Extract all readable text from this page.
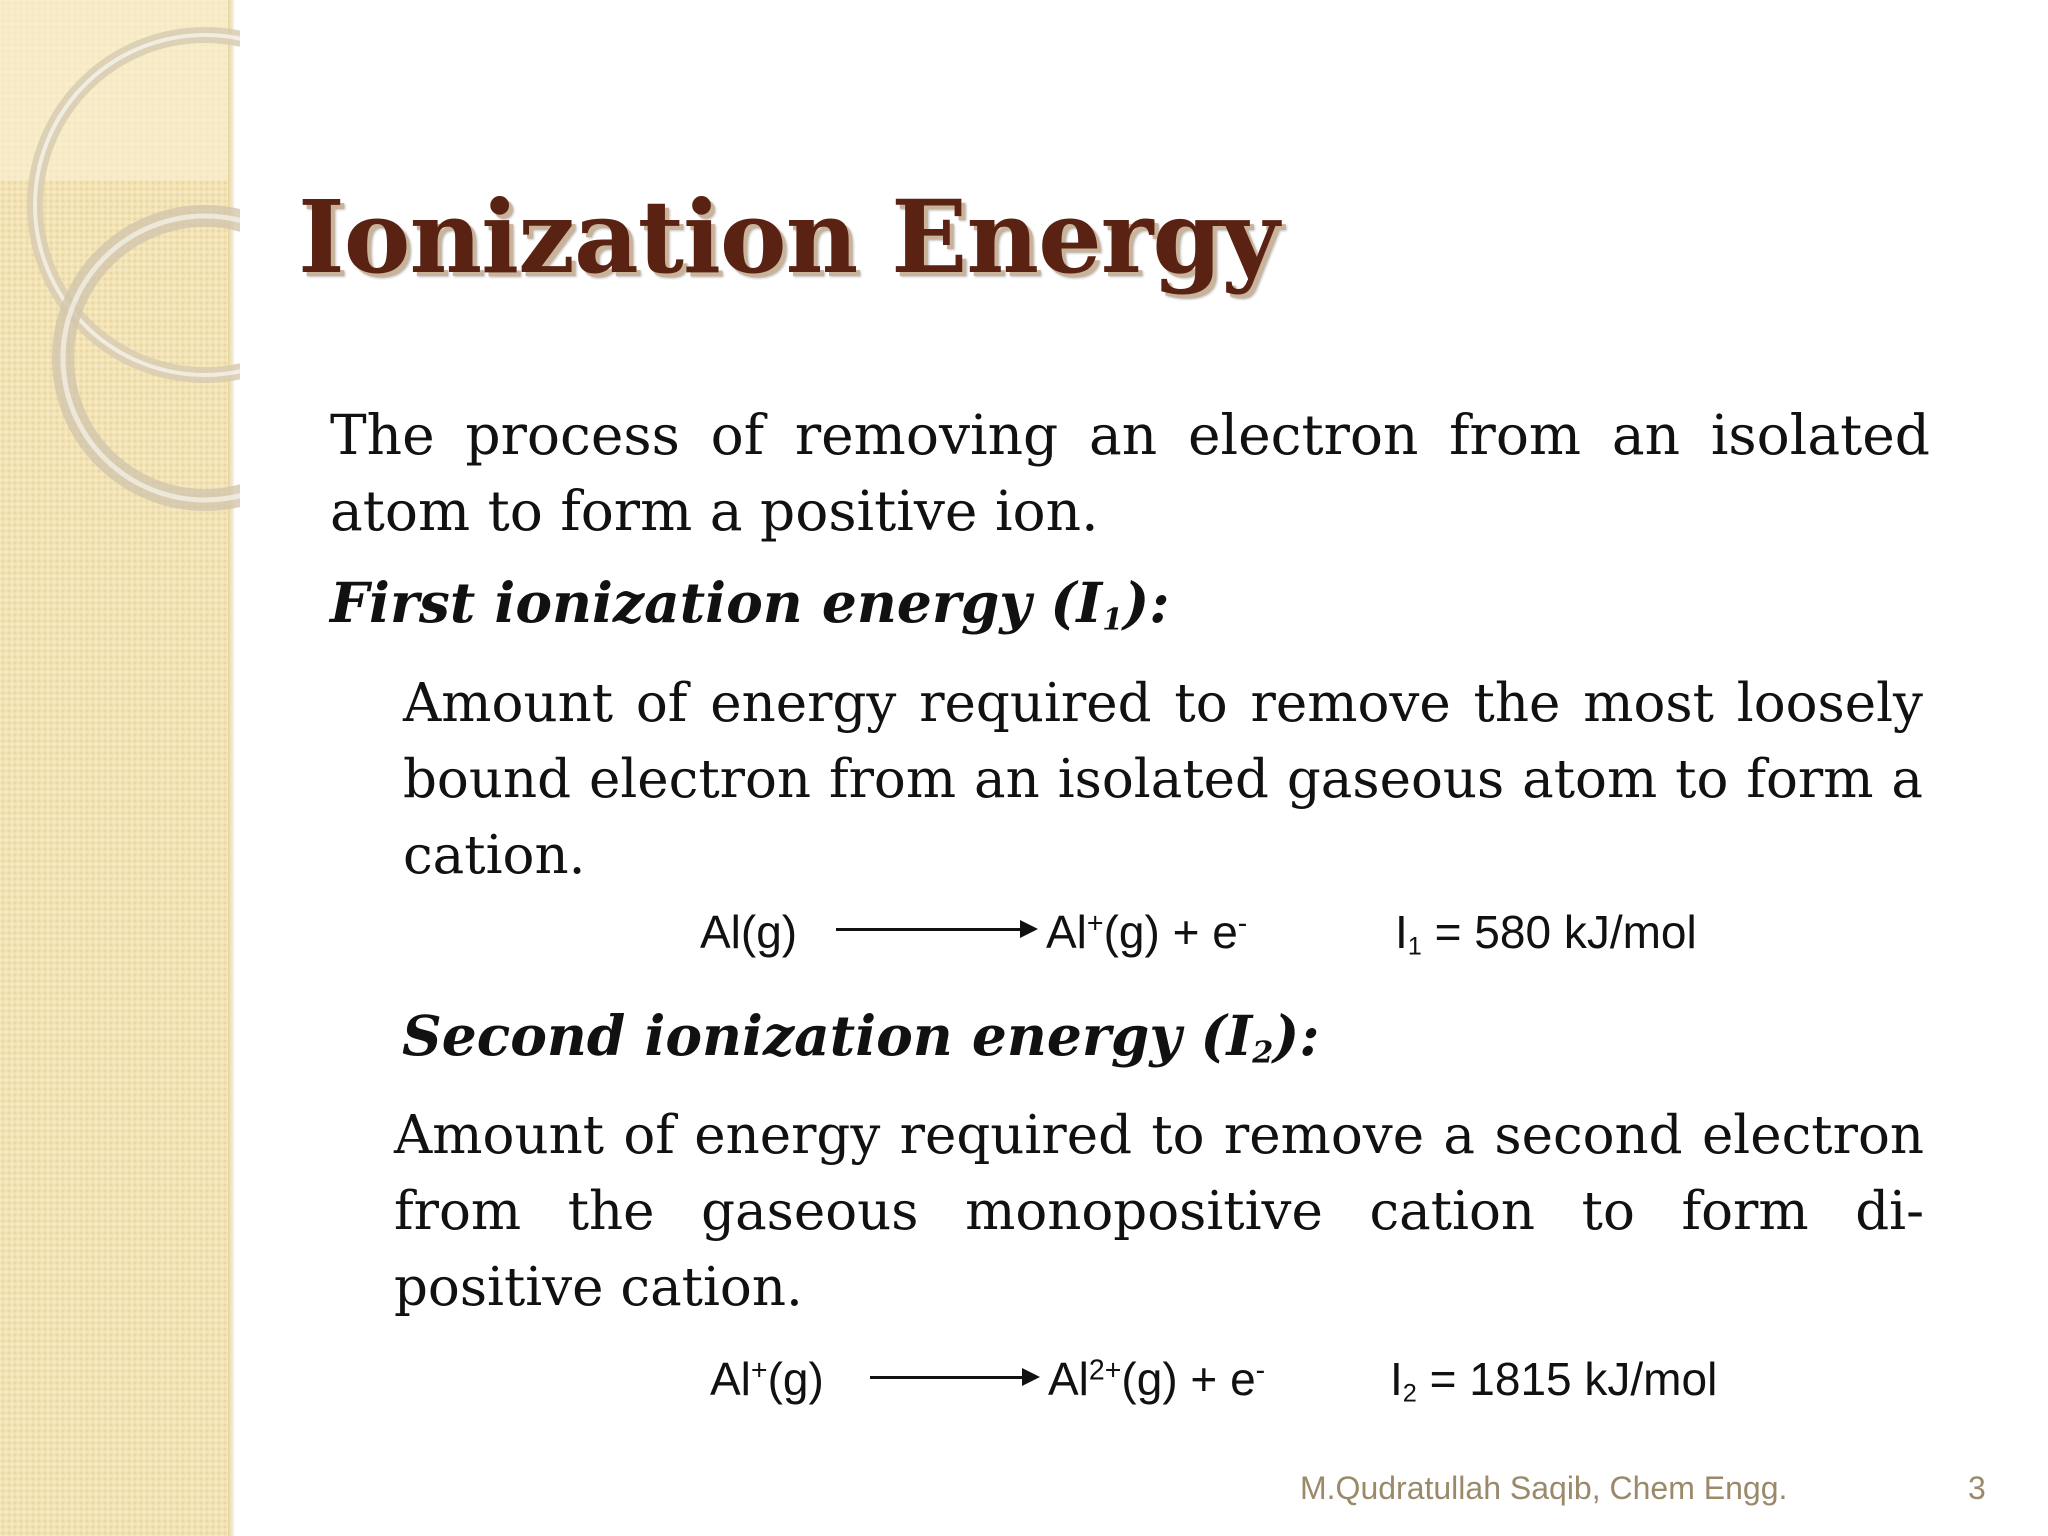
Ionization Energy

The process of removing an electron from an isolated atom to form a positive ion.

First ionization energy $(I_1)$:

Amount of energy required to remove the most loosely bound electron from an isolated gaseous atom to form a cation.

Al(g)	Al+(g) + e-	$I_1 = 580$ kJ/mol

Second ionization energy $(I_2)$:

Amount of energy required to remove a second electron from the gaseous monopositive cation to form di-positive cation.

Al+(g)	$Al^{2+}(g) + e^-$	$I_2 = 1815$ kJ/mol
M.Qudratullah Saqib, Chem Engg.	3
